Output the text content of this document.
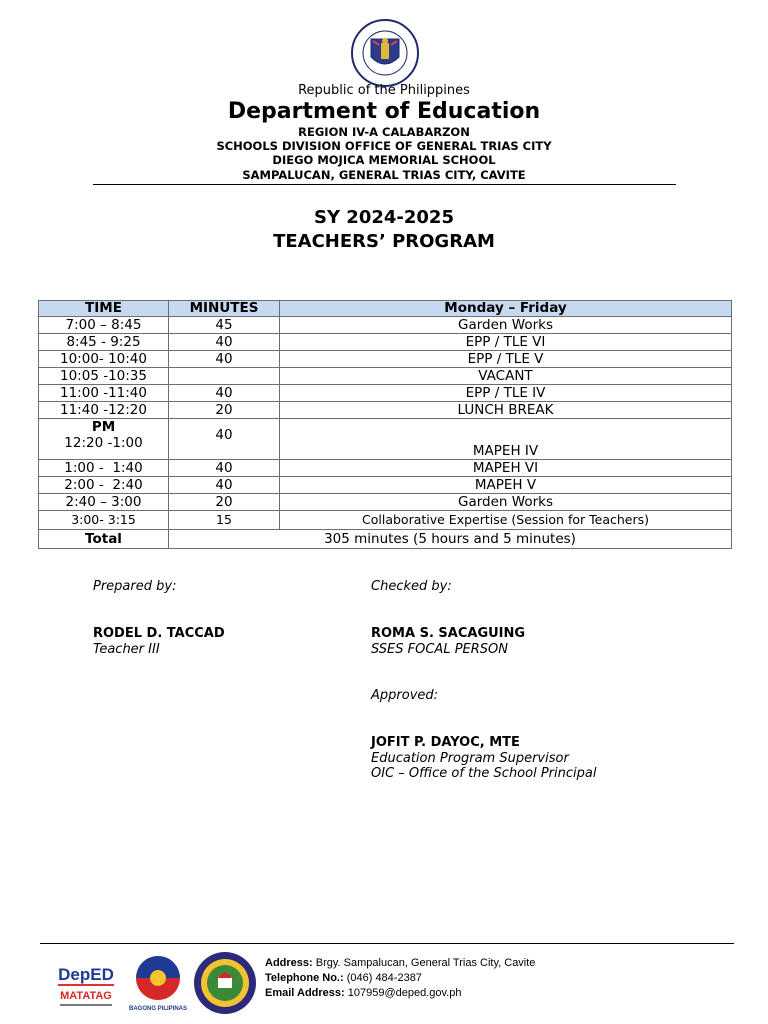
Republic of the Philippines
Department of Education
REGION IV-A CALABARZON
SCHOOLS DIVISION OFFICE OF GENERAL TRIAS CITY
DIEGO MOJICA MEMORIAL SCHOOL
SAMPALUCAN, GENERAL TRIAS CITY, CAVITE
SY 2024-2025
TEACHERS’ PROGRAM
TIME	MINUTES	Monday – Friday
7:00 – 8:45	45	Garden Works
8:45 - 9:25	40	EPP / TLE VI
10:00- 10:40	40	EPP / TLE V
10:05 -10:35		VACANT
11:00 -11:40	40	EPP / TLE IV
11:40 -12:20	20	LUNCH BREAK

PM
12:20 -1:00	40	MAPEH IV
1:00 -  1:40	40	MAPEH VI
2:00 -  2:40	40	MAPEH V
2:40 – 3:00	20	Garden Works
3:00- 3:15	15	Collaborative Expertise (Session for Teachers)
Total	305 minutes (5 hours and 5 minutes)	
Prepared by:
RODEL D. TACCAD
Teacher III
Checked by:
ROMA S. SACAGUING
SSES FOCAL PERSON
Approved:
JOFIT P. DAYOC, MTE
Education Program Supervisor
OIC – Office of the School Principal
DepED
MATATAG
BAGONG PILIPINAS
Address: Brgy. Sampalucan, General Trias City, Cavite
Telephone No.: (046) 484-2387
Email Address: 107959@deped.gov.ph
